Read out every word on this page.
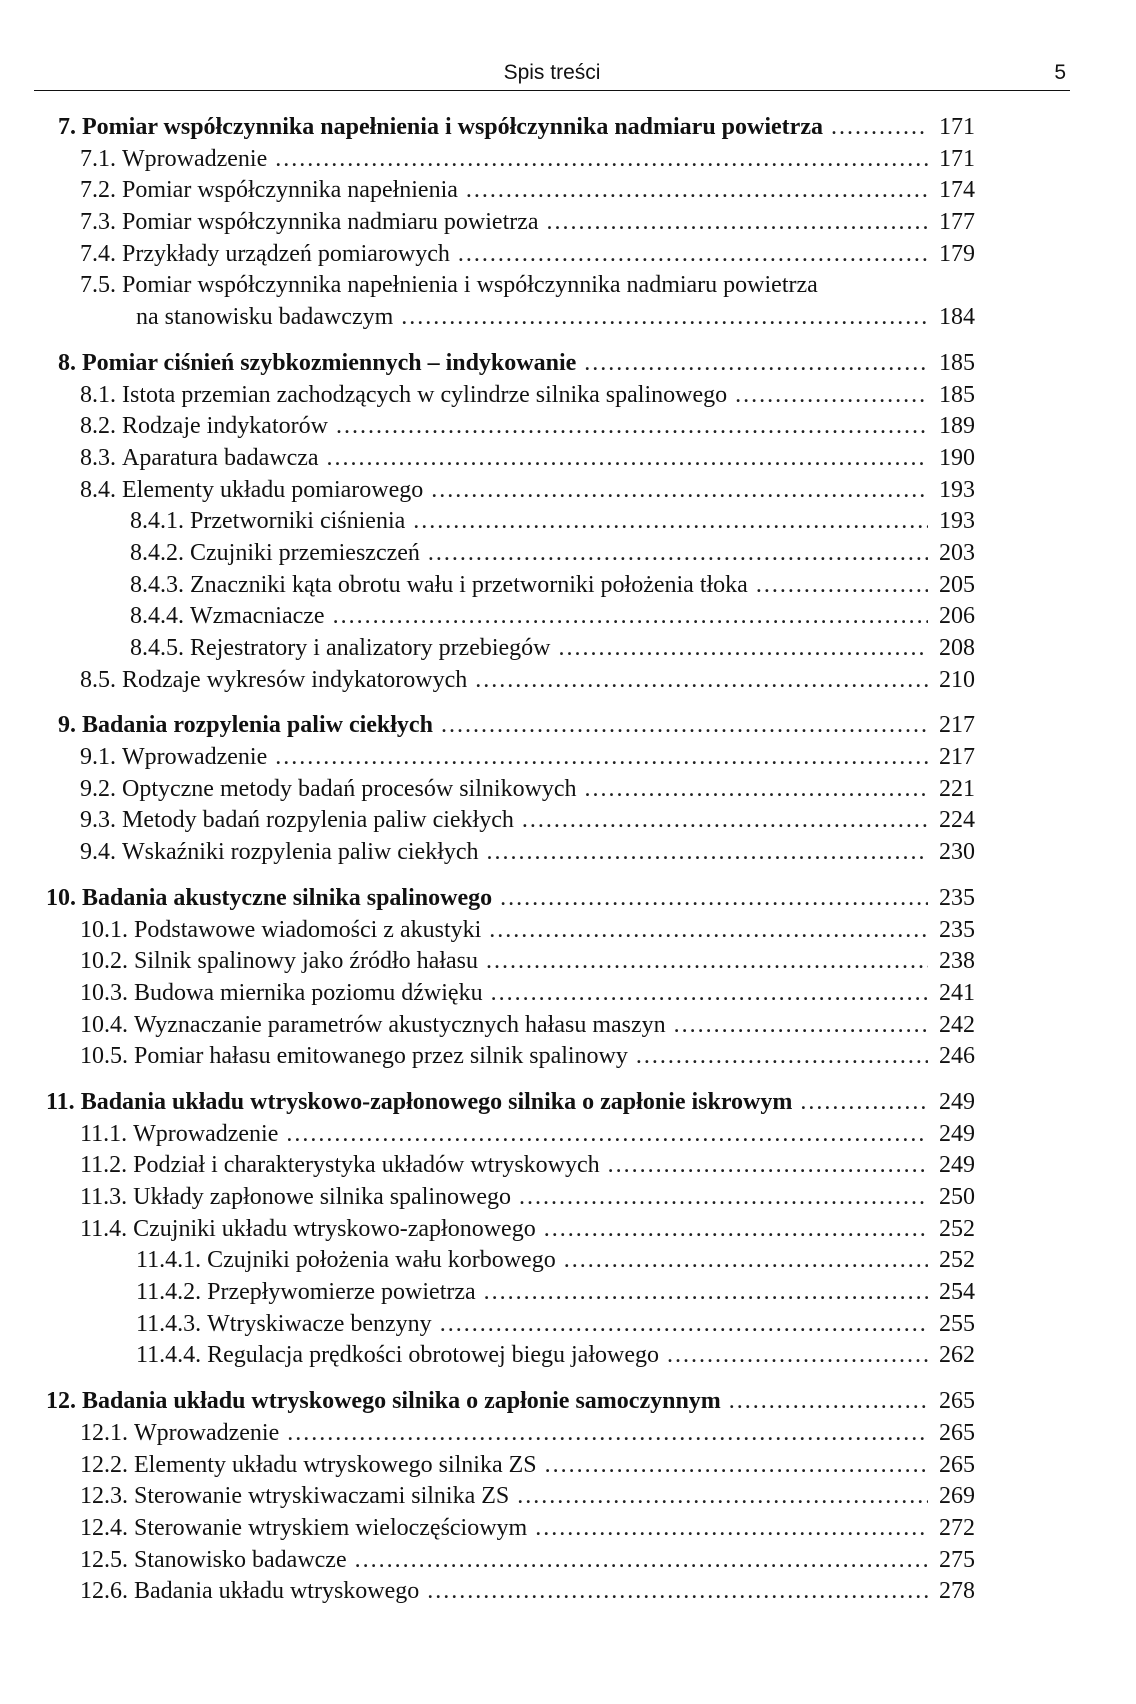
Spis treści	5
7. Pomiar współczynnika napełnienia i współczynnika nadmiaru powietrza .....	171
7.1. Wprowadzenie .....	171
7.2. Pomiar współczynnika napełnienia .....	174
7.3. Pomiar współczynnika nadmiaru powietrza .....	177
7.4. Przykłady urządzeń pomiarowych .....	179
7.5. Pomiar współczynnika napełnienia i współczynnika nadmiaru powietrza
na stanowisku badawczym .....	184
8. Pomiar ciśnień szybkozmiennych – indykowanie .....	185
8.1. Istota przemian zachodzących w cylindrze silnika spalinowego .....	185
8.2. Rodzaje indykatorów .....	189
8.3. Aparatura badawcza .....	190
8.4. Elementy układu pomiarowego .....	193
8.4.1. Przetworniki ciśnienia .....	193
8.4.2. Czujniki przemieszczeń .....	203
8.4.3. Znaczniki kąta obrotu wału i przetworniki położenia tłoka .....	205
8.4.4. Wzmacniacze .....	206
8.4.5. Rejestratory i analizatory przebiegów .....	208
8.5. Rodzaje wykresów indykatorowych .....	210
9. Badania rozpylenia paliw ciekłych .....	217
9.1. Wprowadzenie .....	217
9.2. Optyczne metody badań procesów silnikowych .....	221
9.3. Metody badań rozpylenia paliw ciekłych .....	224
9.4. Wskaźniki rozpylenia paliw ciekłych .....	230
10. Badania akustyczne silnika spalinowego .....	235
10.1. Podstawowe wiadomości z akustyki .....	235
10.2. Silnik spalinowy jako źródło hałasu .....	238
10.3. Budowa miernika poziomu dźwięku .....	241
10.4. Wyznaczanie parametrów akustycznych hałasu maszyn .....	242
10.5. Pomiar hałasu emitowanego przez silnik spalinowy .....	246
11. Badania układu wtryskowo-zapłonowego silnika o zapłonie iskrowym .....	249
11.1. Wprowadzenie .....	249
11.2. Podział i charakterystyka układów wtryskowych .....	249
11.3. Układy zapłonowe silnika spalinowego .....	250
11.4. Czujniki układu wtryskowo-zapłonowego .....	252
11.4.1. Czujniki położenia wału korbowego .....	252
11.4.2. Przepływomierze powietrza .....	254
11.4.3. Wtryskiwacze benzyny .....	255
11.4.4. Regulacja prędkości obrotowej biegu jałowego .....	262
12. Badania układu wtryskowego silnika o zapłonie samoczynnym .....	265
12.1. Wprowadzenie .....	265
12.2. Elementy układu wtryskowego silnika ZS .....	265
12.3. Sterowanie wtryskiwaczami silnika ZS .....	269
12.4. Sterowanie wtryskiem wieloczęściowym .....	272
12.5. Stanowisko badawcze .....	275
12.6. Badania układu wtryskowego .....	278
